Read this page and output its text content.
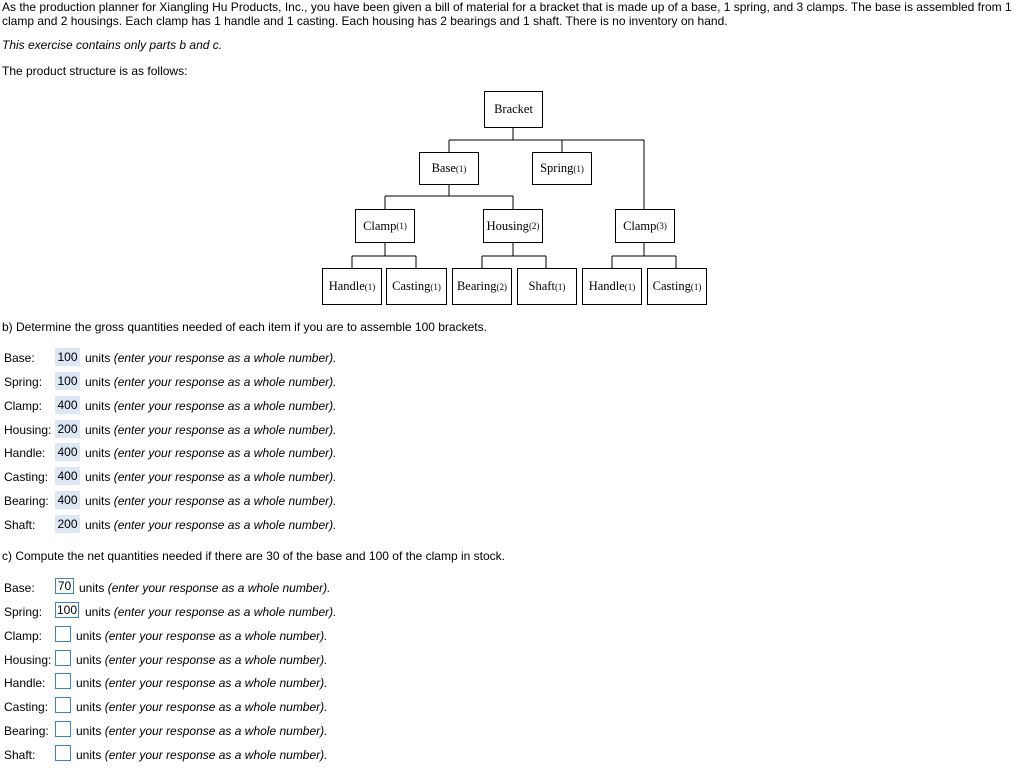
As the production planner for Xiangling Hu Products, Inc., you have been given a bill of material for a bracket that is made up of a base, 1 spring, and 3 clamps. The base is assembled from 1 clamp and 2 housings. Each clamp has 1 handle and 1 casting. Each housing has 2 bearings and 1 shaft. There is no inventory on hand.
This exercise contains only parts b and c.
The product structure is as follows:
Bracket
Base (1)	Spring (1)
Clamp (1)	Housing (2)	Clamp (3)
Handle (1) Casting (1) Bearing (2) Shaft (1) Handle (1) Casting (1)
b) Determine the gross quantities needed of each item if you are to assemble 100 brackets.
Base: 100 units (enter your response as a whole number).
Spring: 100 units (enter your response as a whole number).
Clamp: 400 units (enter your response as a whole number).
Housing: 200 units (enter your response as a whole number).
Handle: 400 units (enter your response as a whole number).
Casting: 400 units (enter your response as a whole number).
Bearing: 400 units (enter your response as a whole number).
Shaft: 200 units (enter your response as a whole number).
c) Compute the net quantities needed if there are 30 of the base and 100 of the clamp in stock.
Base:
70	units (enter your response as a whole number).
Spring:
100	units (enter your response as a whole number).
Clamp:	units (enter your response as a whole number).
Housing: units (enter your response as a whole number).
Handle:	units (enter your response as a whole number).
Casting: units (enter your response as a whole number).
Bearing: units (enter your response as a whole number).
Shaft:	units (enter your response as a whole number).
